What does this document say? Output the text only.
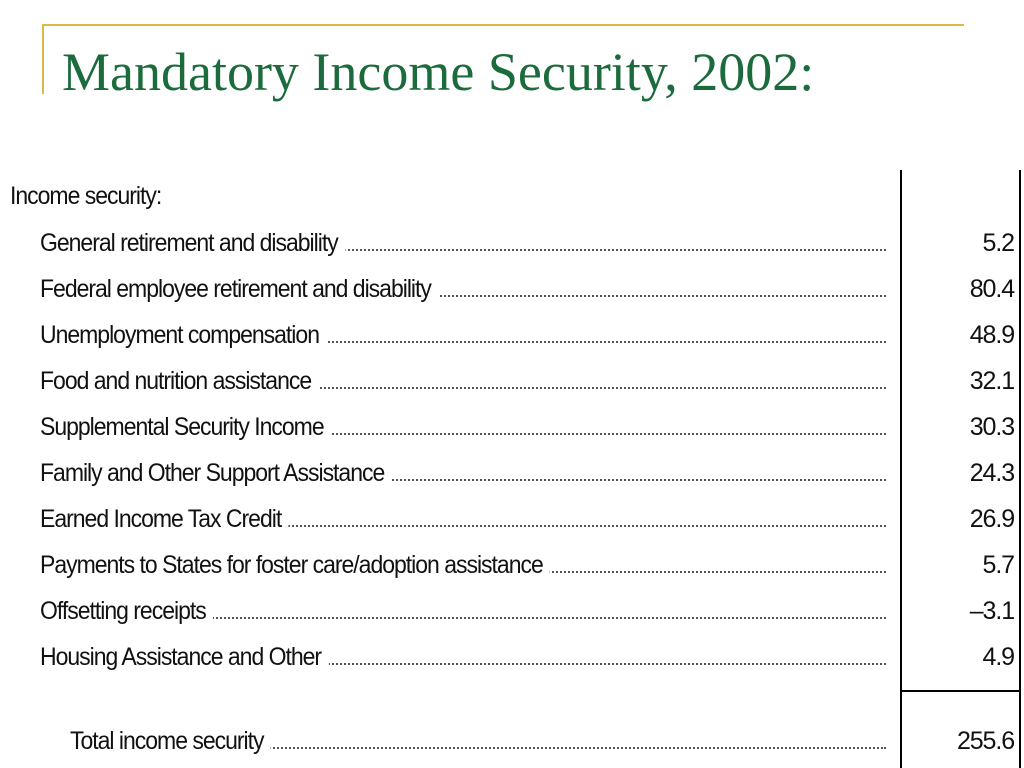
Mandatory Income Security, 2002:
Income security:
General retirement and disability	5.2
Federal employee retirement and disability	80.4
Unemployment compensation	48.9
Food and nutrition assistance	32.1
Supplemental Security Income	30.3
Family and Other Support Assistance	24.3
Earned Income Tax Credit	26.9
Payments to States for foster care/adoption assistance	5.7
Offsetting receipts	–3.1
Housing Assistance and Other	4.9
Total income security	255.6
